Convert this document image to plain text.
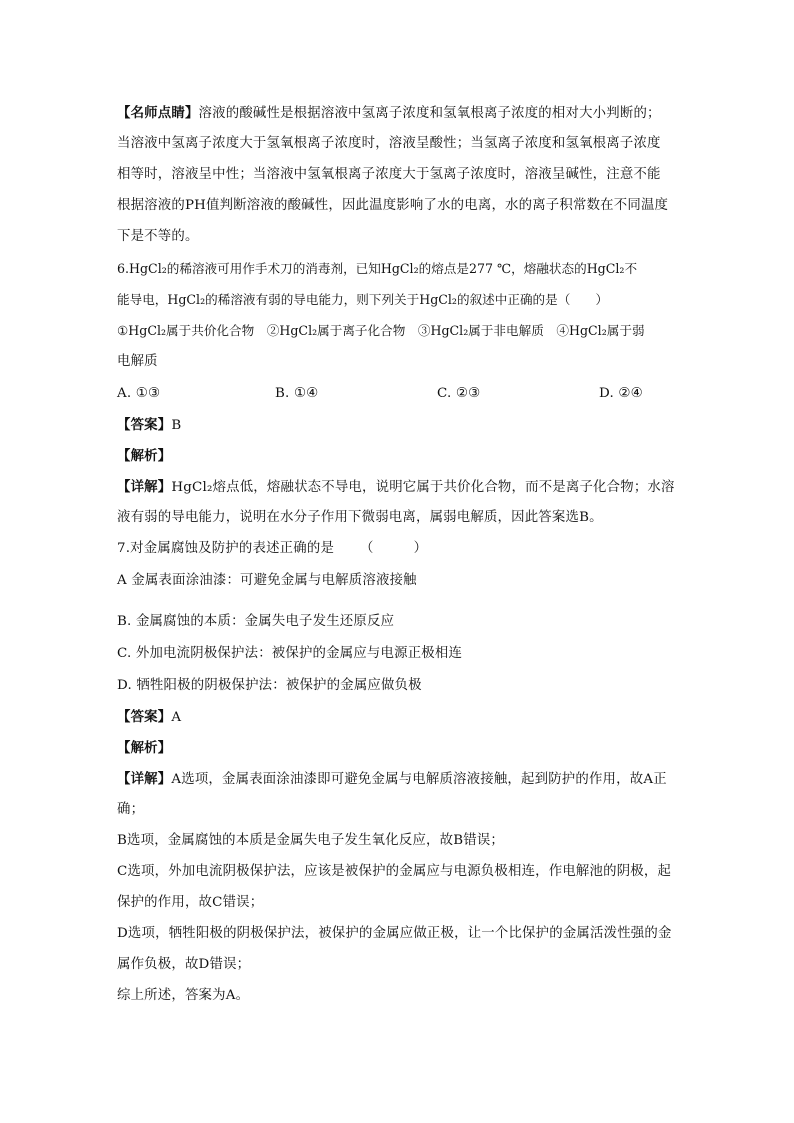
【名师点睛】溶液的酸碱性是根据溶液中氢离子浓度和氢氧根离子浓度的相对大小判断的；
当溶液中氢离子浓度大于氢氧根离子浓度时，溶液呈酸性；当氢离子浓度和氢氧根离子浓度
相等时，溶液呈中性；当溶液中氢氧根离子浓度大于氢离子浓度时，溶液呈碱性，注意不能
根据溶液的PH值判断溶液的酸碱性，因此温度影响了水的电离，水的离子积常数在不同温度
下是不等的。
6.HgCl₂的稀溶液可用作手术刀的消毒剂，已知HgCl₂的熔点是277 ℃，熔融状态的HgCl₂不
能导电，HgCl₂的稀溶液有弱的导电能力，则下列关于HgCl₂的叙述中正确的是（　　）
①HgCl₂属于共价化合物　②HgCl₂属于离子化合物　③HgCl₂属于非电解质　④HgCl₂属于弱
电解质
A. ①③	B. ①④	C. ②③	D. ②④
【答案】B
【解析】
【详解】HgCl₂熔点低，熔融状态不导电，说明它属于共价化合物，而不是离子化合物；水溶
液有弱的导电能力，说明在水分子作用下微弱电离，属弱电解质，因此答案选B。
7.对金属腐蚀及防护的表述正确的是 （	）
A 金属表面涂油漆：可避免金属与电解质溶液接触
B. 金属腐蚀的本质：金属失电子发生还原反应
C. 外加电流阴极保护法：被保护的金属应与电源正极相连
D. 牺牲阳极的阴极保护法：被保护的金属应做负极
【答案】A
【解析】
【详解】A选项，金属表面涂油漆即可避免金属与电解质溶液接触，起到防护的作用，故A正
确；
B选项，金属腐蚀的本质是金属失电子发生氧化反应，故B错误；
C选项，外加电流阴极保护法，应该是被保护的金属应与电源负极相连，作电解池的阴极，起
保护的作用，故C错误；
D选项，牺牲阳极的阴极保护法，被保护的金属应做正极，让一个比保护的金属活泼性强的金
属作负极，故D错误；
综上所述，答案为A。
